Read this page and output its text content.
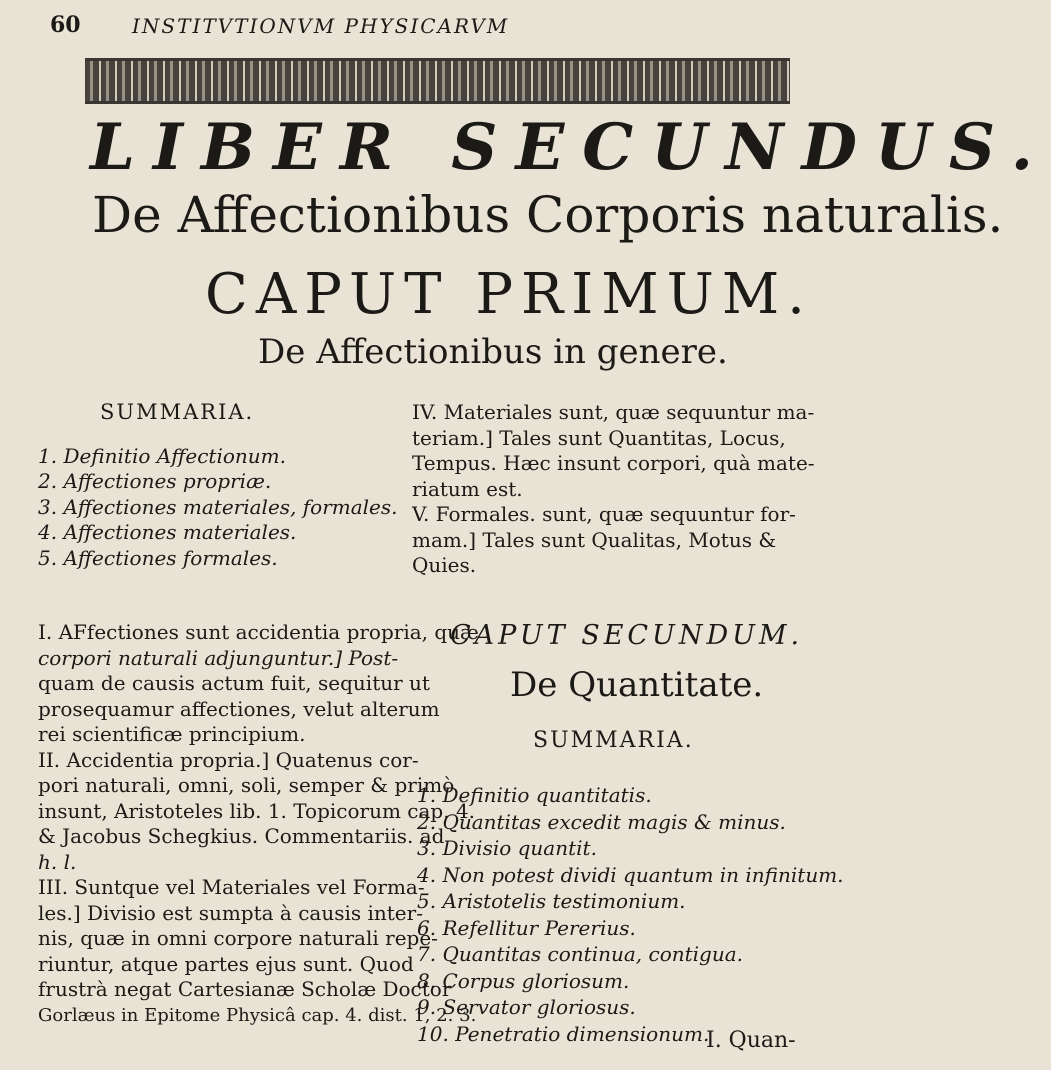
60	INSTITVTIONVM PHYSICARVM
LIBER SECUNDUS.
De Affectionibus Corporis naturalis.
CAPUT PRIMUM.
De Affectionibus in genere.
SUMMARIA.
1. Definitio Affectionum.
2. Affectiones propriæ.
3. Affectiones materiales, formales.
4. Affectiones materiales.
5. Affectiones formales.
IV. Materiales sunt, quæ sequuntur ma-
teriam.] Tales sunt Quantitas, Locus,
Tempus. Hæc insunt corpori, quà mate-
riatum est.
V. Formales. sunt, quæ sequuntur for-
mam.] Tales sunt Qualitas, Motus &
Quies.
I. AFfectiones sunt accidentia propria, quæ
corpori naturali adjunguntur.] Post-
quam de causis actum fuit, sequitur ut
prosequamur affectiones, velut alterum
rei scientificæ principium.
II. Accidentia propria.] Quatenus cor-
pori naturali, omni, soli, semper & primò
insunt, Aristoteles lib. 1. Topicorum cap. 4.
& Jacobus Schegkius. Commentariis. ad
h. l.
III. Suntque vel Materiales vel Forma-
les.] Divisio est sumpta à causis inter-
nis, quæ in omni corpore naturali repe-
riuntur, atque partes ejus sunt. Quod
frustrà negat Cartesianæ Scholæ Doctor
Gorlæus in Epitome Physicâ cap. 4. dist. 1, 2. 3.
CAPUT SECUNDUM.
De Quantitate.
SUMMARIA.
1. Definitio quantitatis.
2. Quantitas excedit magis & minus.
3. Divisio quantit.
4. Non potest dividi quantum in infinitum.
5. Aristotelis testimonium.
6. Refellitur Pererius.
7. Quantitas continua, contigua.
8. Corpus gloriosum.
9. Servator gloriosus.
10. Penetratio dimensionum.
I. Quan-
